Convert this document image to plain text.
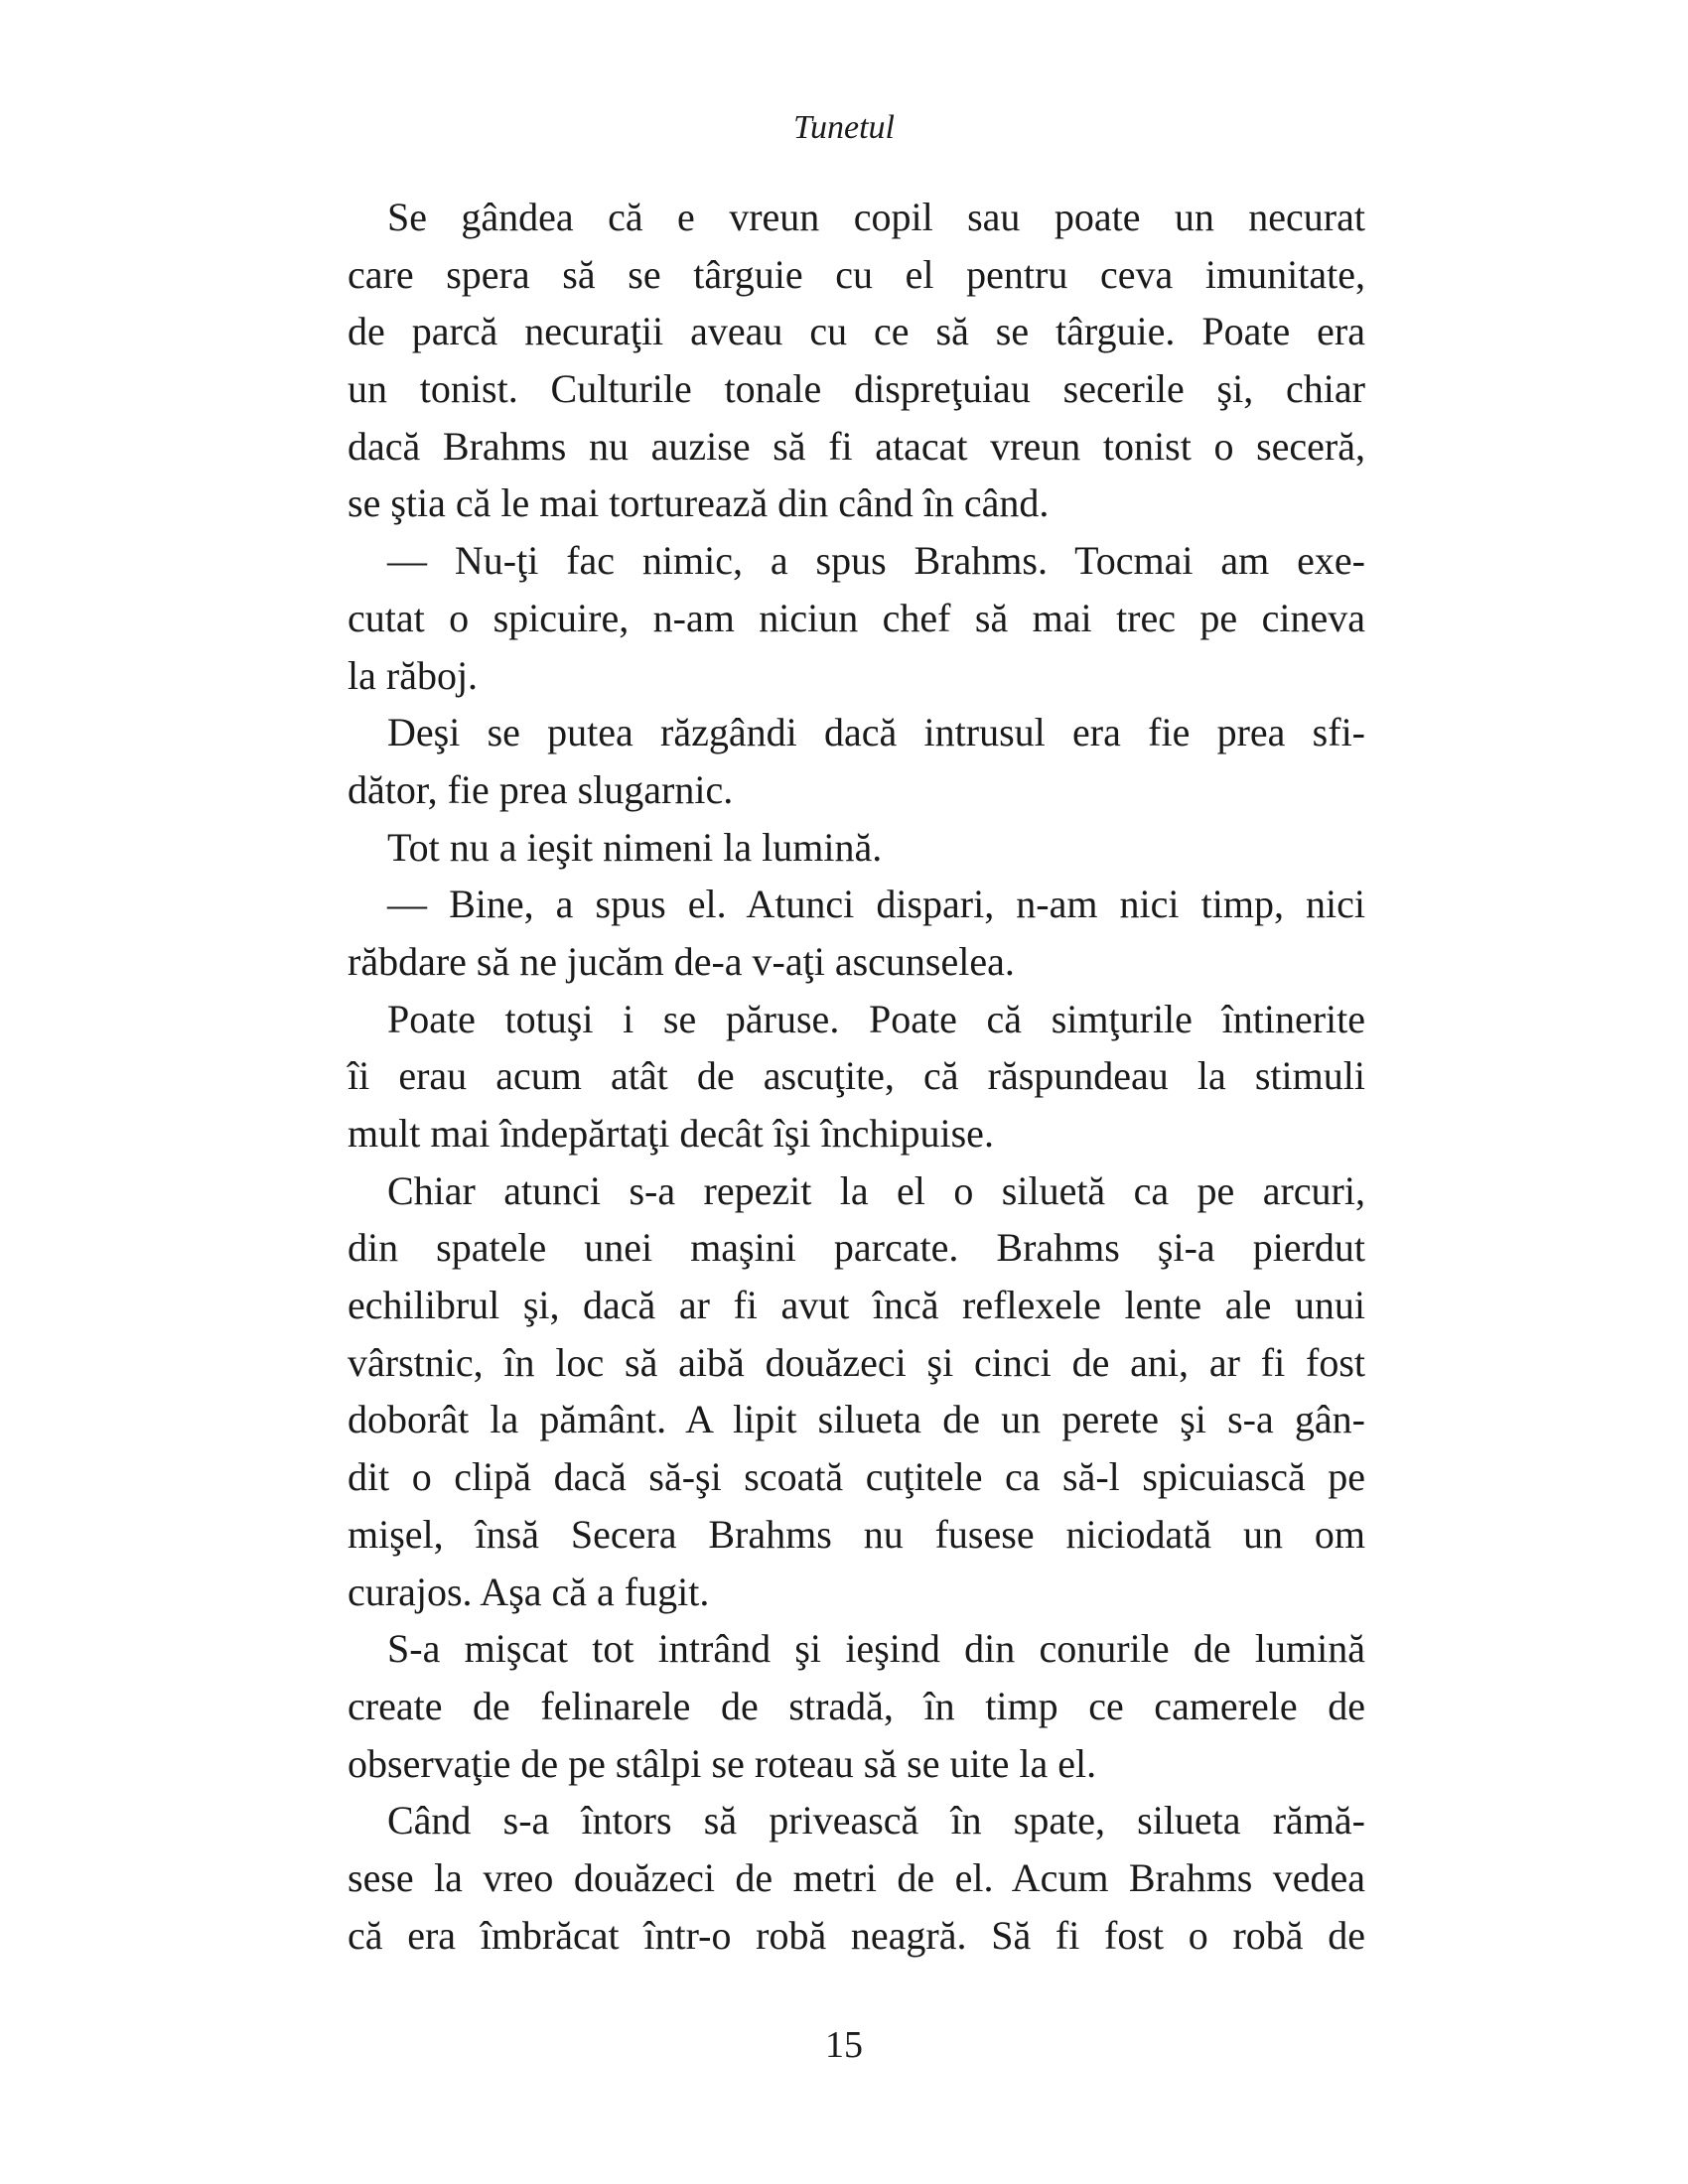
Tunetul
Se gândea că e vreun copil sau poate un necurat
care spera să se târguie cu el pentru ceva imunitate,
de parcă necuraţii aveau cu ce să se târguie. Poate era
un tonist. Culturile tonale dispreţuiau secerile şi, chiar
dacă Brahms nu auzise să fi atacat vreun tonist o seceră,
se ştia că le mai torturează din când în când.
— Nu-ţi fac nimic, a spus Brahms. Tocmai am exe-
cutat o spicuire, n-am niciun chef să mai trec pe cineva
la răboj.
Deşi se putea răzgândi dacă intrusul era fie prea sfi-
dător, fie prea slugarnic.
Tot nu a ieşit nimeni la lumină.
— Bine, a spus el. Atunci dispari, n-am nici timp, nici
răbdare să ne jucăm de-a v-aţi ascunselea.
Poate totuşi i se păruse. Poate că simţurile întinerite
îi erau acum atât de ascuţite, că răspundeau la stimuli
mult mai îndepărtaţi decât îşi închipuise.
Chiar atunci s-a repezit la el o siluetă ca pe arcuri,
din spatele unei maşini parcate. Brahms şi-a pierdut
echilibrul şi, dacă ar fi avut încă reflexele lente ale unui
vârstnic, în loc să aibă douăzeci şi cinci de ani, ar fi fost
doborât la pământ. A lipit silueta de un perete şi s-a gân-
dit o clipă dacă să-şi scoată cuţitele ca să-l spicuiască pe
mişel, însă Secera Brahms nu fusese niciodată un om
curajos. Aşa că a fugit.
S-a mişcat tot intrând şi ieşind din conurile de lumină
create de felinarele de stradă, în timp ce camerele de
observaţie de pe stâlpi se roteau să se uite la el.
Când s-a întors să privească în spate, silueta rămă-
sese la vreo douăzeci de metri de el. Acum Brahms vedea
că era îmbrăcat într-o robă neagră. Să fi fost o robă de
15
